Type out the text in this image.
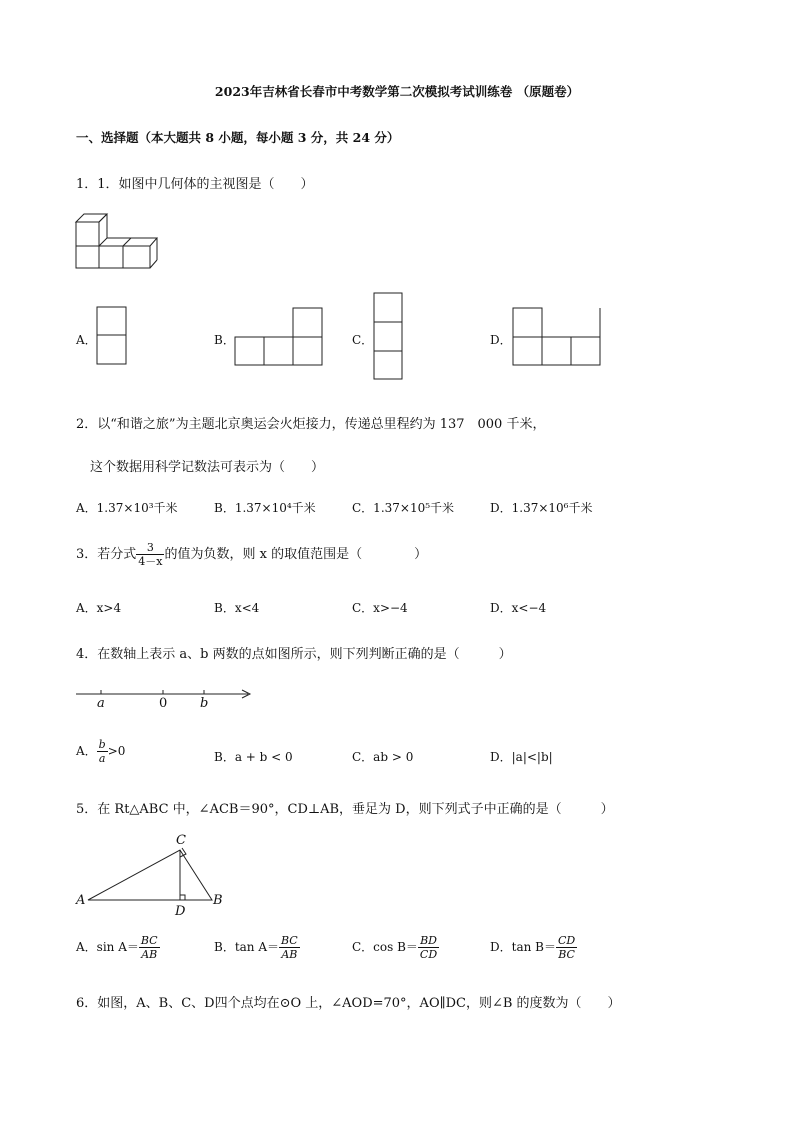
2023年吉林省长春市中考数学第二次模拟考试训练卷 （原题卷）
一、选择题（本大题共 8 小题，每小题 3 分，共 24 分）
1．1．如图中几何体的主视图是（　　）
A．	B．	C．	D．
2．以“和谐之旅”为主题北京奥运会火炬接力，传递总里程约为 137　000 千米，
这个数据用科学记数法可表示为（　　）
A．1.37×10³千米	B．1.37×10⁴千米	C．1.37×10⁵千米	D．1.37×10⁶千米
3．若分式 $\frac{3}{4-x}$ 的值为负数，则 x 的取值范围是（　　　　）
A．x>4	B．x<4	C．x>−4	D．x<−4
4．在数轴上表示 a、b 两数的点如图所示，则下列判断正确的是（　　　）
a	0	b
A． $\frac{b}{a} >0$	B．a + b < 0	C．ab > 0	D．|a|<|b|
5．在 Rt△ABC 中，∠ACB＝90°，CD⊥AB，垂足为 D，则下列式子中正确的是（　　　）
A	B
C
D
A．$\sin A= \frac{BC}{AB}$	B．$\tan A= \frac{BC}{AB}$	C．$\cos B= \frac{BD}{CD}$	D．$\tan B= \frac{CD}{BC}$
6．如图，A、B、C、D四个点均在⊙O 上，∠AOD=70°，AO∥DC，则∠B 的度数为（　　）
